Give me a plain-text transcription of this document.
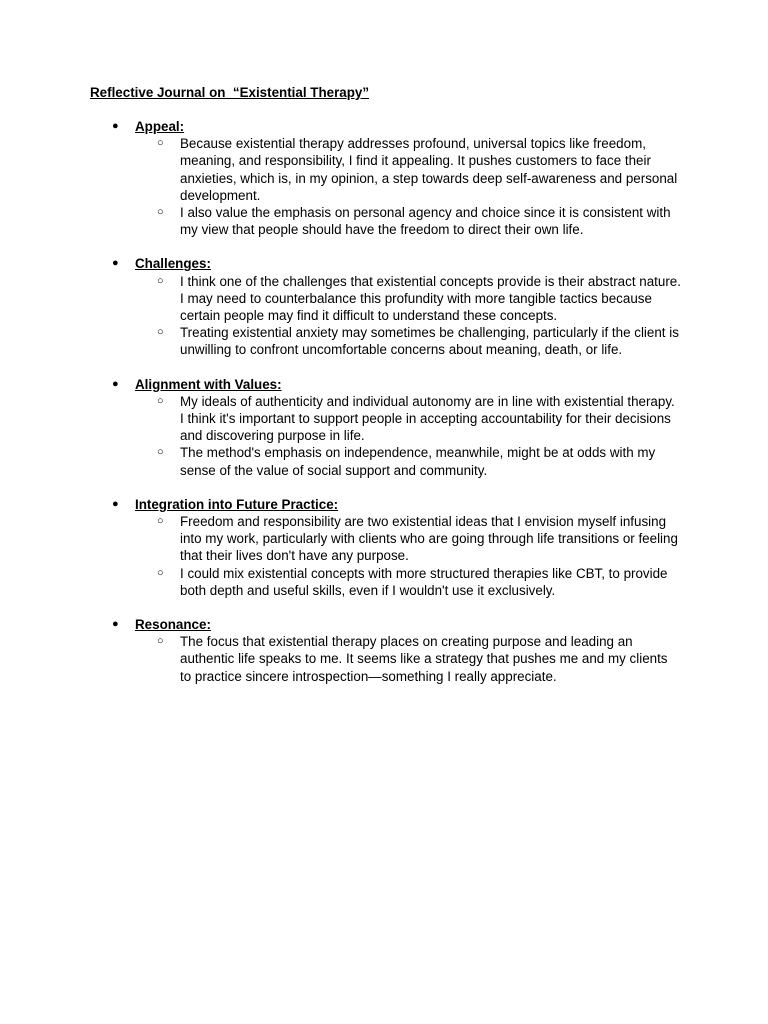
Reflective Journal on  “Existential Therapy”
● Appeal:
○ Because existential therapy addresses profound, universal topics like freedom, meaning, and responsibility, I find it appealing. It pushes customers to face their anxieties, which is, in my opinion, a step towards deep self-awareness and personal development.
○ I also value the emphasis on personal agency and choice since it is consistent with my view that people should have the freedom to direct their own life.
● Challenges:
○ I think one of the challenges that existential concepts provide is their abstract nature. I may need to counterbalance this profundity with more tangible tactics because certain people may find it difficult to understand these concepts.
○ Treating existential anxiety may sometimes be challenging, particularly if the client is unwilling to confront uncomfortable concerns about meaning, death, or life.
● Alignment with Values:
○ My ideals of authenticity and individual autonomy are in line with existential therapy. I think it's important to support people in accepting accountability for their decisions and discovering purpose in life.
○ The method's emphasis on independence, meanwhile, might be at odds with my sense of the value of social support and community.
● Integration into Future Practice:
○ Freedom and responsibility are two existential ideas that I envision myself infusing into my work, particularly with clients who are going through life transitions or feeling that their lives don't have any purpose.
○ I could mix existential concepts with more structured therapies like CBT, to provide both depth and useful skills, even if I wouldn't use it exclusively.
● Resonance:
○ The focus that existential therapy places on creating purpose and leading an authentic life speaks to me. It seems like a strategy that pushes me and my clients to practice sincere introspection—something I really appreciate.
